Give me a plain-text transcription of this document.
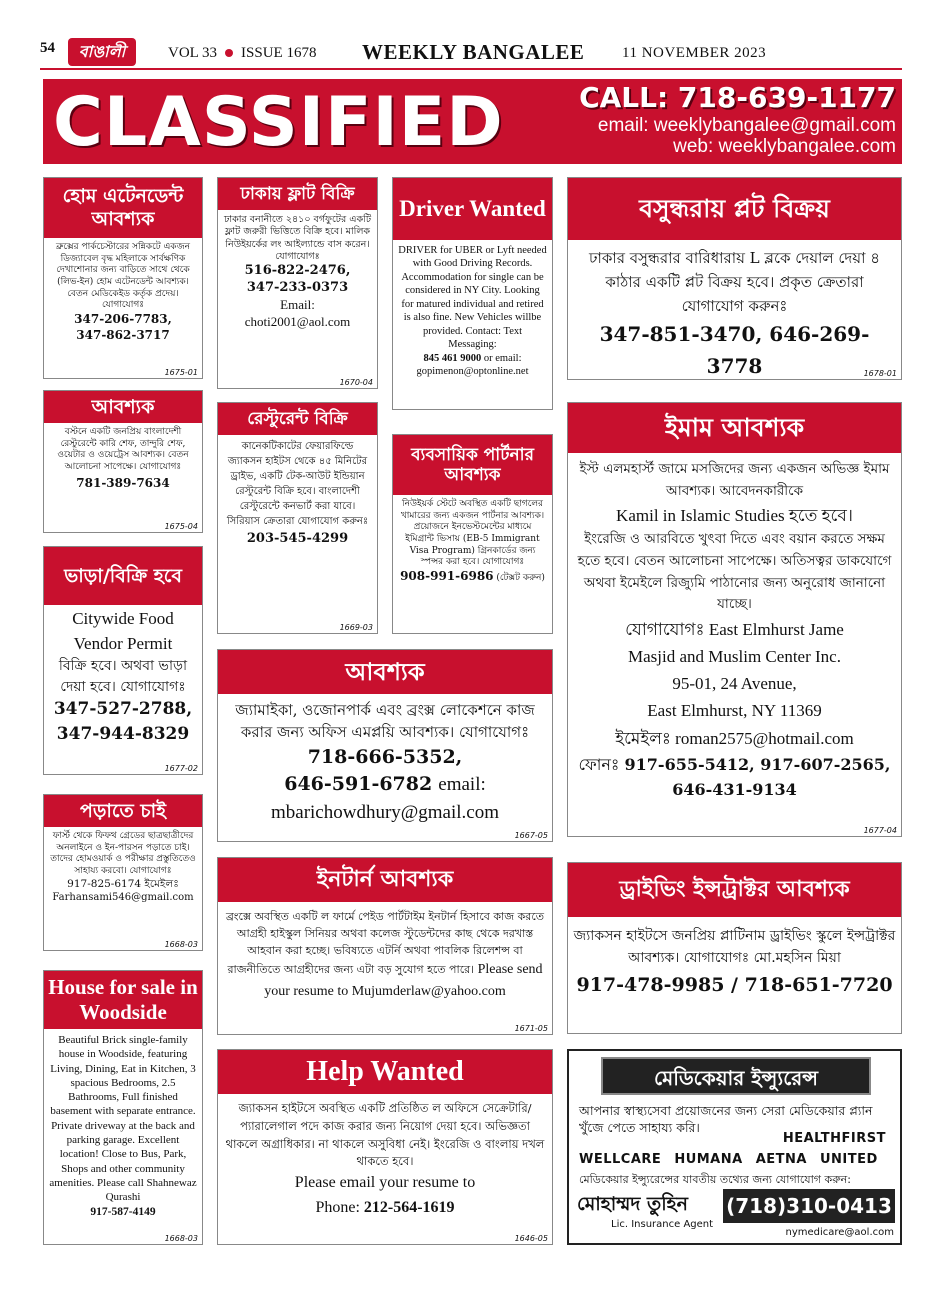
54	বাঙালী	VOL 33 ISSUE 1678 WEEKLY BANGALEE	11 NOVEMBER 2023
CLASSIFIED	CALL: 718-639-1177
email: weeklybangalee@gmail.com
web: weeklybangalee.com
হোম এটেনডেন্ট আবশ্যক
ব্রুক্সের পার্কচেস্টারের সন্নিকটে একজন ডিজ্যাবেল বৃদ্ধ মহিলাকে সার্বক্ষণিক দেখাশোনার জন্য বাড়িতে সাথে থেকে (লিভ-ইন) হোম এটেনডেন্ট আবশ্যক। বেতন মেডিকেইড কর্তৃক প্রদেয়। যোগাযোগঃ
347-206-7783,
347-862-3717
1675-01
আবশ্যক
বস্টনে একটি জনপ্রিয় বাংলাদেশী রেস্টুরেন্টে কারি শেফ, তান্দুরি শেফ, ওয়েটার ও ওয়েট্রেস আবশ্যক। বেতন আলোচনা সাপেক্ষে। যোগাযোগঃ
781-389-7634
1675-04
ভাড়া/বিক্রি হবে
Citywide Food
Vendor Permit
বিক্রি হবে। অথবা ভাড়া দেয়া হবে। যোগাযোগঃ
347-527-2788,
347-944-8329
1677-02
পড়াতে চাই
ফার্স্ট থেকে ফিফথ গ্রেডের ছাত্রছাত্রীদের অনলাইনে ও ইন-পারসন পড়াতে চাই। তাদের হোমওয়ার্ক ও পরীক্ষার প্রস্তুতিতেও সাহায্য করবো। যোগাযোগঃ
917-825-6174 ইমেইলঃ
Farhansami546@gmail.com
1668-03
House for sale in Woodside
Beautiful Brick single-family house in Woodside, featuring Living, Dining, Eat in Kitchen, 3 spacious Bedrooms, 2.5 Bathrooms, Full finished basement with separate entrance. Private driveway at the back and parking garage. Excellent location! Close to Bus, Park, Shops and other community amenities. Please call Shahnewaz Qurashi
917-587-4149
1668-03
ঢাকায় ফ্লাট বিক্রি
ঢাকার বনানীতে ২৪১০ বর্গফুটের একটি ফ্লাট জরুরী ভিত্তিতে বিক্রি হবে। মালিক নিউইয়র্কের লং আইল্যান্ডে বাস করেন। যোগাযোগঃ
516-822-2476,
347-233-0373
Email:
choti2001@aol.com
1670-04
রেস্টুরেন্ট বিক্রি
কানেকটিকাটের ফেয়ারফিল্ডে জ্যাকসন হাইটস থেকে ৪৫ মিনিটের ড্রাইভ, একটি টেক-আউট ইন্ডিয়ান রেস্টুরেন্ট বিক্রি হবে। বাংলাদেশী রেস্টুরেন্টে কনভার্ট করা যাবে। সিরিয়াস ক্রেতারা যোগাযোগ করুনঃ
203-545-4299
1669-03
Driver Wanted
DRIVER for UBER or Lyft needed with Good Driving Records. Accommodation for single can be considered in NY City. Looking for matured individual and retired is also fine. New Vehicles willbe provided. Contact: Text Messaging:
845 461 9000 or email:
gopimenon@optonline.net
ব্যবসায়িক পার্টনার আবশ্যক
নিউইয়র্ক স্টেটে অবস্থিত একটি ছাগলের খামারের জন্য একজন পার্টনার আবশ্যক। প্রয়োজনে ইনভেস্টমেন্টের মাধ্যমে ইমিগ্রান্ট ভিসায় (EB-5 Immigrant Visa Program) গ্রিনকার্ডের জন্য স্পন্সর করা হবে। যোগাযোগঃ
908-991-6986 (টেক্সট করুন)
আবশ্যক
জ্যামাইকা, ওজোনপার্ক এবং ব্রংক্স লোকেশনে কাজ করার জন্য অফিস এমপ্লয়ি আবশ্যক। যোগাযোগঃ 718-666-5352,
646-591-6782 email:
mbarichowdhury@gmail.com
1667-05
ইনটার্ন আবশ্যক
ব্রংক্সে অবস্থিত একটি ল ফার্মে পেইড পার্টটাইম ইনটার্ন হিসাবে কাজ করতে আগ্রহী হাইস্কুল সিনিয়র অথবা কলেজ স্টুডেন্টদের কাছ থেকে দরখাস্ত আহবান করা হচ্ছে। ভবিষ্যতে এটর্নি অথবা পাবলিক রিলেশন্স বা রাজনীতিতে আগ্রহীদের জন্য এটা বড় সুযোগ হতে পারে। Please send your resume to Mujumderlaw@yahoo.com
1671-05
Help Wanted
জ্যাকসন হাইটসে অবস্থিত একটি প্রতিষ্ঠিত ল অফিসে সেক্রেটারি/প্যারালেগাল পদে কাজ করার জন্য নিয়োগ দেয়া হবে। অভিজ্ঞতা থাকলে অগ্রাধিকার। না থাকলে অসুবিধা নেই। ইংরেজি ও বাংলায় দখল থাকতে হবে।
Please email your resume to
Phone: 212-564-1619
1646-05
বসুন্ধরায় প্লট বিক্রয়
ঢাকার বসুন্ধরার বারিধারায় L ব্লকে দেয়াল দেয়া ৪ কাঠার একটি প্লট বিক্রয় হবে। প্রকৃত ক্রেতারা যোগাযোগ করুনঃ
347-851-3470, 646-269-3778	1678-01
ইমাম আবশ্যক
ইস্ট এলমহার্স্ট জামে মসজিদের জন্য একজন অভিজ্ঞ ইমাম আবশ্যক। আবেদনকারীকে
Kamil in Islamic Studies হতে হবে।
ইংরেজি ও আরবিতে খুৎবা দিতে এবং বয়ান করতে সক্ষম হতে হবে। বেতন আলোচনা সাপেক্ষে। অতিসত্বর ডাকযোগে অথবা ইমেইলে রিজ্যুমি পাঠানোর জন্য অনুরোধ জানানো যাচ্ছে।
যোগাযোগঃ East Elmhurst Jame
Masjid and Muslim Center Inc.
95-01, 24 Avenue,
East Elmhurst, NY 11369
ইমেইলঃ roman2575@hotmail.com
ফোনঃ 917-655-5412, 917-607-2565,
646-431-9134
1677-04
ড্রাইভিং ইন্সট্রাক্টর আবশ্যক
জ্যাকসন হাইটসে জনপ্রিয় প্লাটিনাম ড্রাইভিং স্কুলে ইন্সট্রাক্টর আবশ্যক। যোগাযোগঃ মো.মহসিন মিয়া
917-478-9985 / 718-651-7720
মেডিকেয়ার ইন্স্যুরেন্স
আপনার স্বাস্থ্যসেবা প্রয়োজনের জন্য সেরা মেডিকেয়ার প্ল্যান খুঁজে পেতে সাহায্য করি।
HEALTHFIRST
WELLCARE HUMANA AETNA UNITED
মেডিকেয়ার ইন্স্যুরেন্সের যাবতীয় তথ্যের জন্য যোগাযোগ করুন:
মোহাম্মদ তুহিন
Lic. Insurance Agent
(718)310-0413
nymedicare@aol.com
